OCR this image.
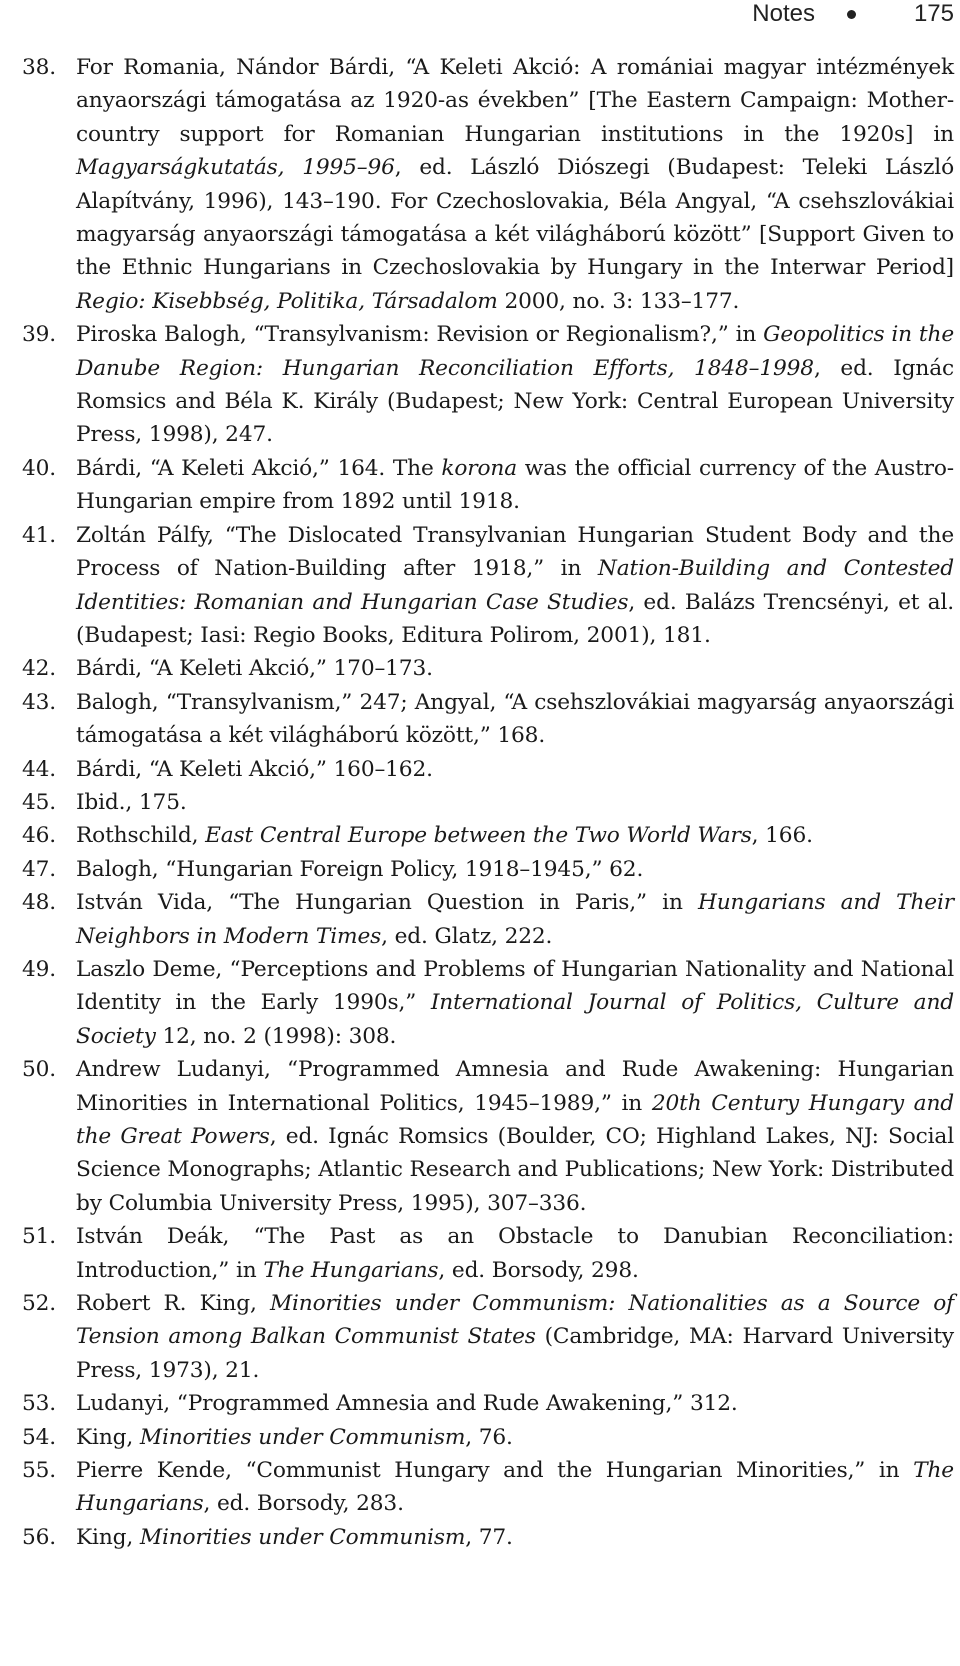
Notes	175
38. For Romania, Nándor Bárdi, “A Keleti Akció: A romániai magyar intézmények anyaországi támogatása az 1920-as években” [The Eastern Campaign: Mother-country support for Romanian Hungarian institutions in the 1920s] in Magyarságkutatás, 1995–96, ed. László Diószegi (Budapest: Teleki László Alapítvány, 1996), 143–190. For Czechoslovakia, Béla Angyal, “A csehszlovákiai magyarság anyaországi támogatása a két világháború között” [Support Given to the Ethnic Hungarians in Czechoslovakia by Hungary in the Interwar Period] Regio: Kisebbség, Politika, Társadalom 2000, no. 3: 133–177.
39. Piroska Balogh, “Transylvanism: Revision or Regionalism?,” in Geopolitics in the Danube Region: Hungarian Reconciliation Efforts, 1848–1998, ed. Ignác Romsics and Béla K. Király (Budapest; New York: Central European University Press, 1998), 247.
40. Bárdi, “A Keleti Akció,” 164. The korona was the official currency of the Austro-Hungarian empire from 1892 until 1918.
41. Zoltán Pálfy, “The Dislocated Transylvanian Hungarian Student Body and the Process of Nation-Building after 1918,” in Nation-Building and Contested Identities: Romanian and Hungarian Case Studies, ed. Balázs Trencsényi, et al. (Budapest; Iasi: Regio Books, Editura Polirom, 2001), 181.
42. Bárdi, “A Keleti Akció,” 170–173.
43. Balogh, “Transylvanism,” 247; Angyal, “A csehszlovákiai magyarság anyaországi támogatása a két világháború között,” 168.
44. Bárdi, “A Keleti Akció,” 160–162.
45. Ibid., 175.
46. Rothschild, East Central Europe between the Two World Wars, 166.
47. Balogh, “Hungarian Foreign Policy, 1918–1945,” 62.
48. István Vida, “The Hungarian Question in Paris,” in Hungarians and Their Neighbors in Modern Times, ed. Glatz, 222.
49. Laszlo Deme, “Perceptions and Problems of Hungarian Nationality and National Identity in the Early 1990s,” International Journal of Politics, Culture and Society 12, no. 2 (1998): 308.
50. Andrew Ludanyi, “Programmed Amnesia and Rude Awakening: Hungarian Minorities in International Politics, 1945–1989,” in 20th Century Hungary and the Great Powers, ed. Ignác Romsics (Boulder, CO; Highland Lakes, NJ: Social Science Monographs; Atlantic Research and Publications; New York: Distributed by Columbia University Press, 1995), 307–336.
51. István Deák, “The Past as an Obstacle to Danubian Reconciliation: Introduction,” in The Hungarians, ed. Borsody, 298.
52. Robert R. King, Minorities under Communism: Nationalities as a Source of Tension among Balkan Communist States (Cambridge, MA: Harvard University Press, 1973), 21.
53. Ludanyi, “Programmed Amnesia and Rude Awakening,” 312.
54. King, Minorities under Communism, 76.
55. Pierre Kende, “Communist Hungary and the Hungarian Minorities,” in The Hungarians, ed. Borsody, 283.
56. King, Minorities under Communism, 77.
